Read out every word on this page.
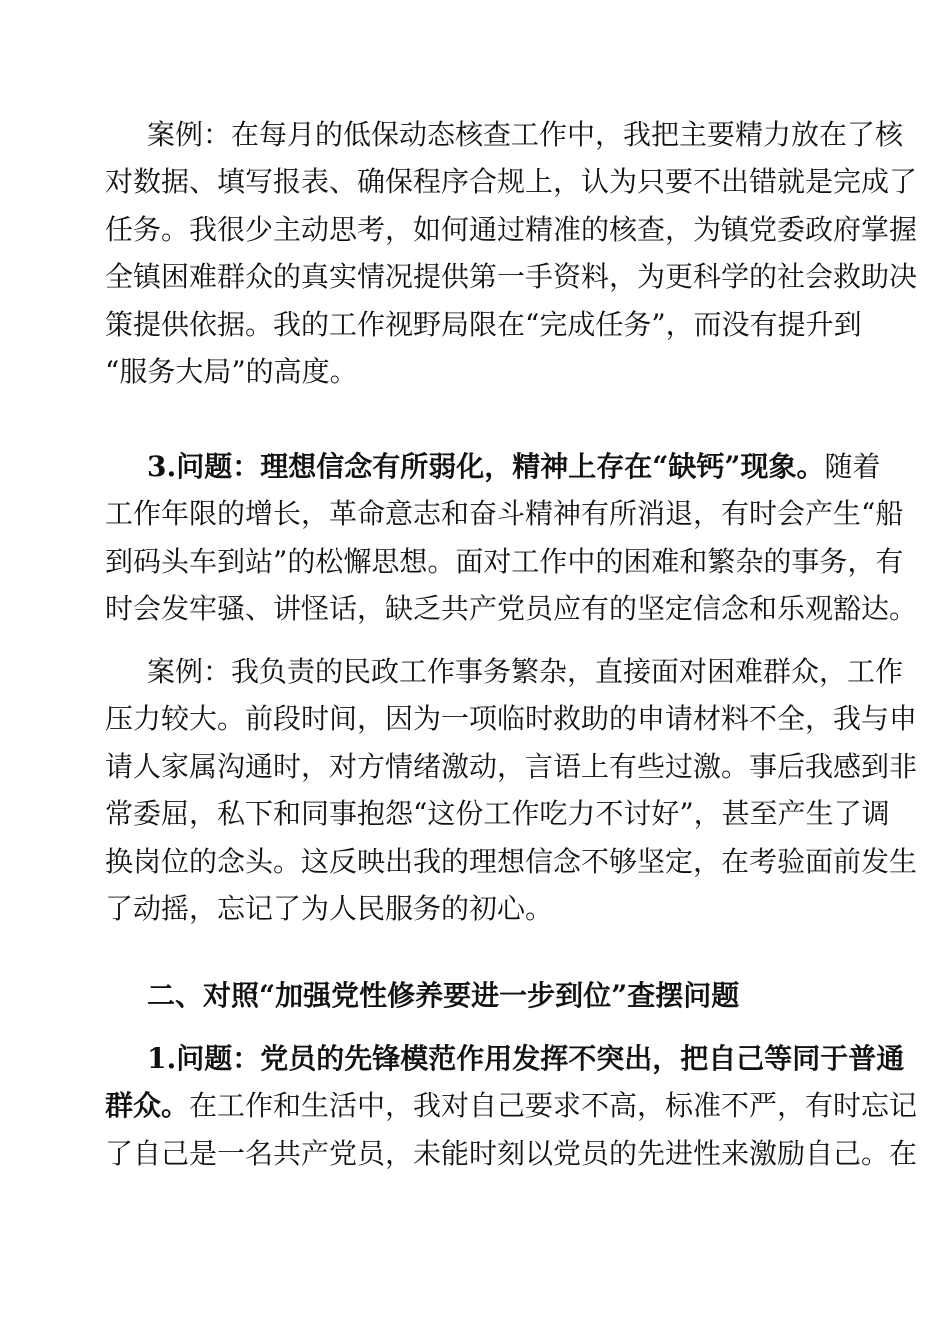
案例：在每月的低保动态核查工作中，我把主要精力放在了核
对数据、填写报表、确保程序合规上，认为只要不出错就是完成了
任务。我很少主动思考，如何通过精准的核查，为镇党委政府掌握
全镇困难群众的真实情况提供第一手资料，为更科学的社会救助决
策提供依据。我的工作视野局限在“完成任务”，而没有提升到
“服务大局”的高度。
3.问题：理想信念有所弱化，精神上存在“缺钙”现象。随着
工作年限的增长，革命意志和奋斗精神有所消退，有时会产生“船
到码头车到站”的松懈思想。面对工作中的困难和繁杂的事务，有
时会发牢骚、讲怪话，缺乏共产党员应有的坚定信念和乐观豁达。
案例：我负责的民政工作事务繁杂，直接面对困难群众，工作
压力较大。前段时间，因为一项临时救助的申请材料不全，我与申
请人家属沟通时，对方情绪激动，言语上有些过激。事后我感到非
常委屈，私下和同事抱怨“这份工作吃力不讨好”，甚至产生了调
换岗位的念头。这反映出我的理想信念不够坚定，在考验面前发生
了动摇，忘记了为人民服务的初心。
二、对照“加强党性修养要进一步到位”查摆问题
1.问题：党员的先锋模范作用发挥不突出，把自己等同于普通
群众。在工作和生活中，我对自己要求不高，标准不严，有时忘记
了自己是一名共产党员，未能时刻以党员的先进性来激励自己。在
